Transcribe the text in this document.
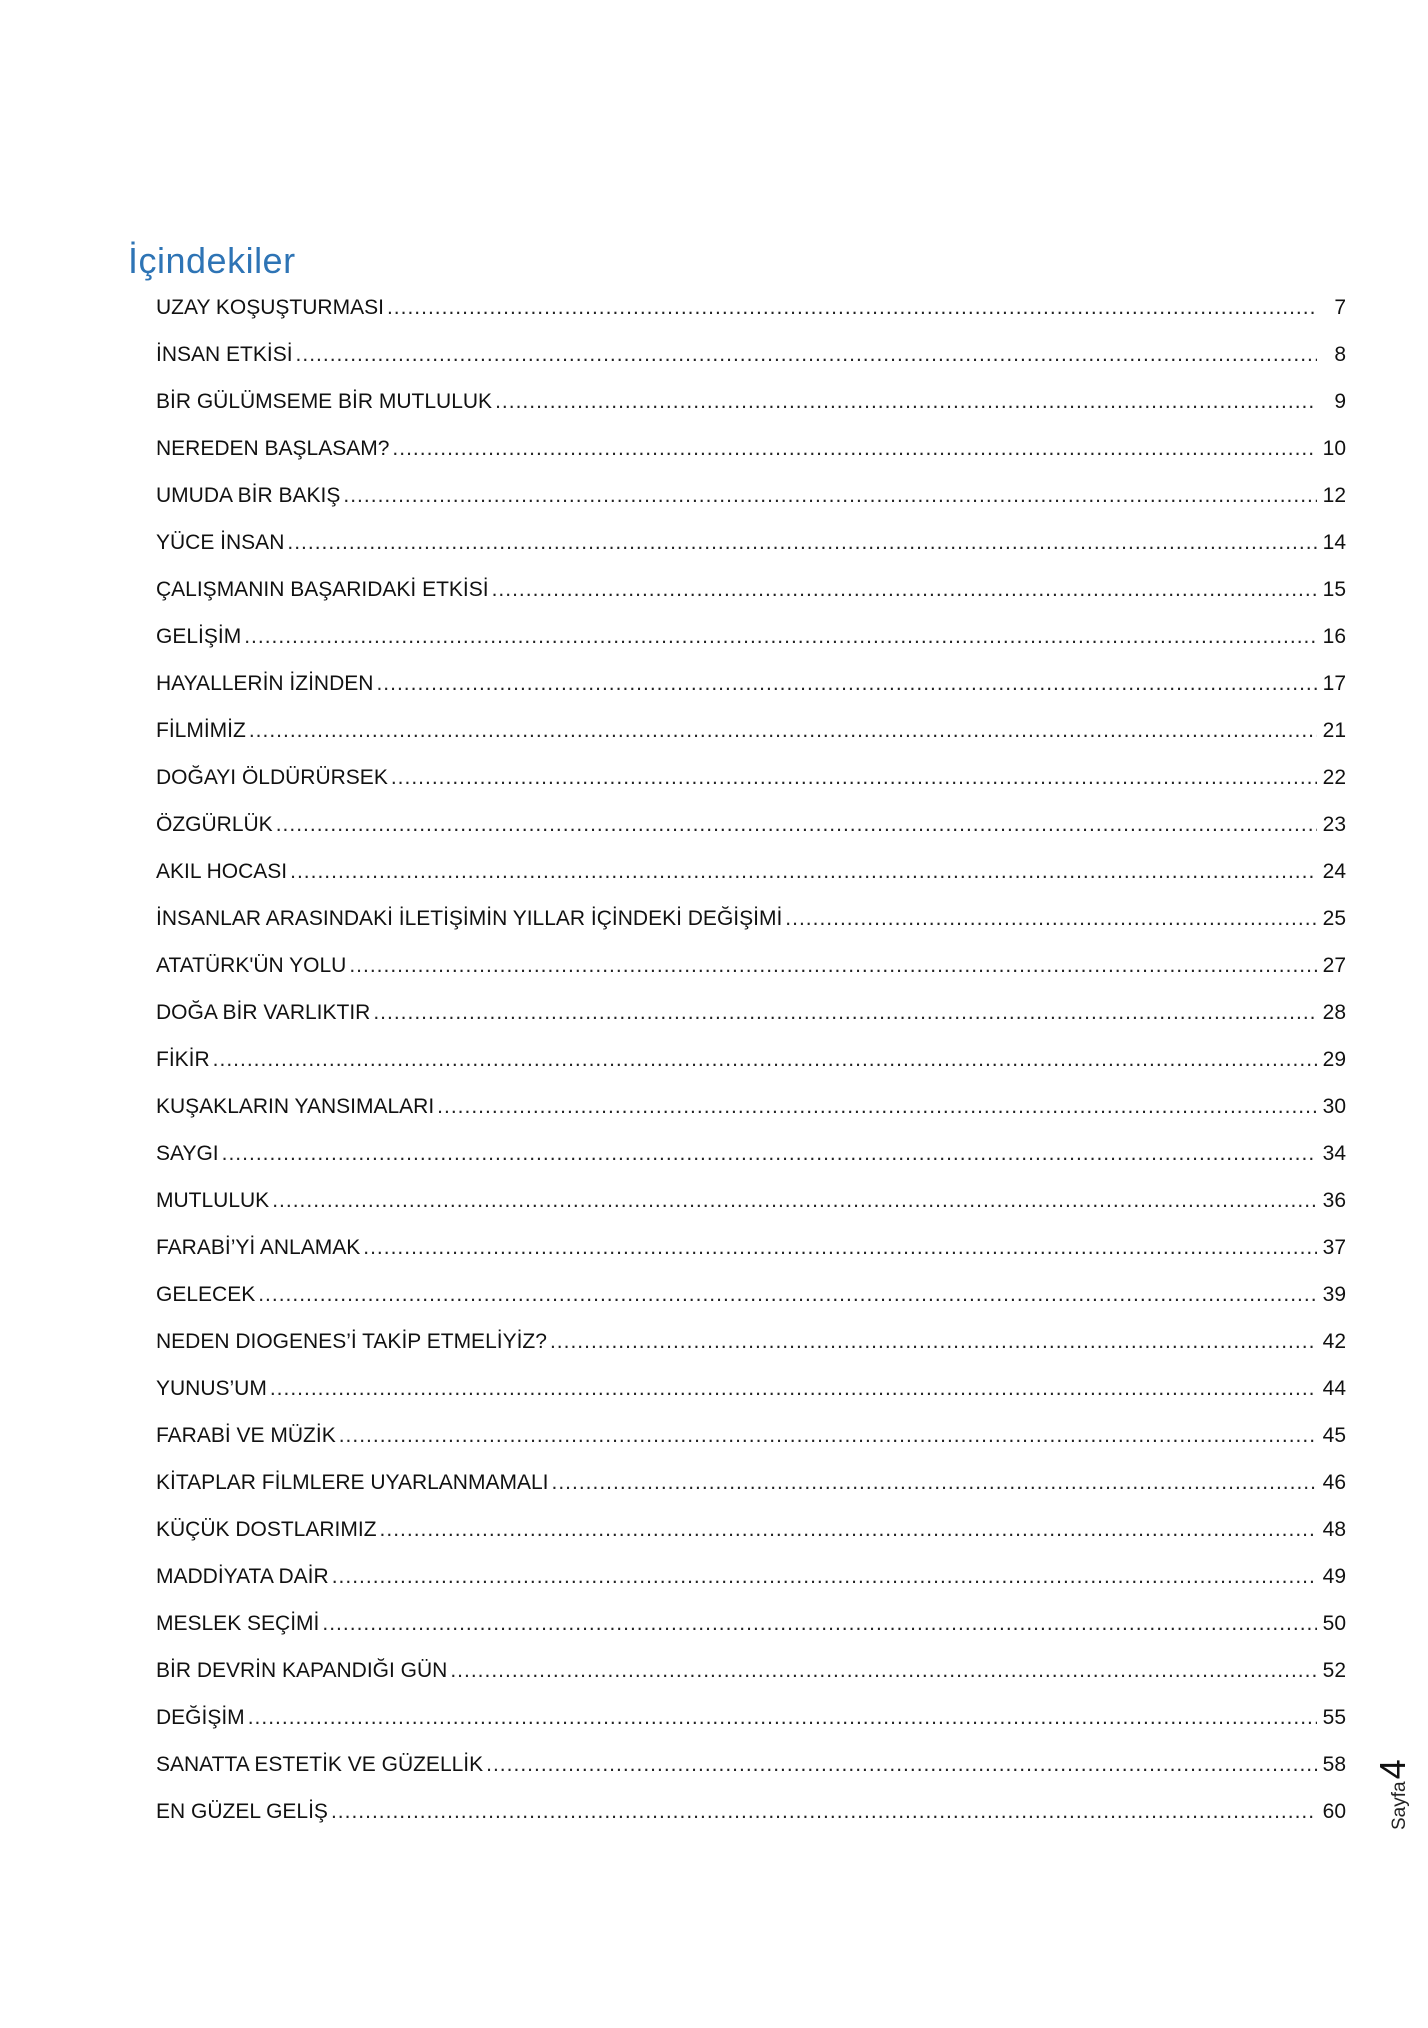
İçindekiler
UZAY KOŞUŞTURMASI .....	7
İNSAN ETKİSİ .....	8
BİR GÜLÜMSEME BİR MUTLULUK .....	9
NEREDEN BAŞLASAM? .....	10
UMUDA BİR BAKIŞ .....	12
YÜCE İNSAN .....	14
ÇALIŞMANIN BAŞARIDAKİ ETKİSİ .....	15
GELİŞİM .....	16
HAYALLERİN İZİNDEN .....	17
FİLMİMİZ .....	21
DOĞAYI ÖLDÜRÜRSEK .....	22
ÖZGÜRLÜK .....	23
AKIL HOCASI .....	24
İNSANLAR ARASINDAKİ İLETİŞİMİN YILLAR İÇİNDEKİ DEĞİŞİMİ .....	25
ATATÜRK'ÜN YOLU .....	27
DOĞA BİR VARLIKTIR .....	28
FİKİR .....	29
KUŞAKLARIN YANSIMALARI .....	30
SAYGI .....	34
MUTLULUK .....	36
FARABİ’Yİ ANLAMAK .....	37
GELECEK .....	39
NEDEN DIOGENES’İ TAKİP ETMELİYİZ? .....	42
YUNUS’UM .....	44
FARABİ VE MÜZİK .....	45
KİTAPLAR FİLMLERE UYARLANMAMALI .....	46
KÜÇÜK DOSTLARIMIZ .....	48
MADDİYATA DAİR .....	49
MESLEK SEÇİMİ .....	50
BİR DEVRİN KAPANDIĞI GÜN .....	52
DEĞİŞİM .....	55
SANATTA ESTETİK VE GÜZELLİK .....	58
EN GÜZEL GELİŞ .....	60 Sayfa
4
